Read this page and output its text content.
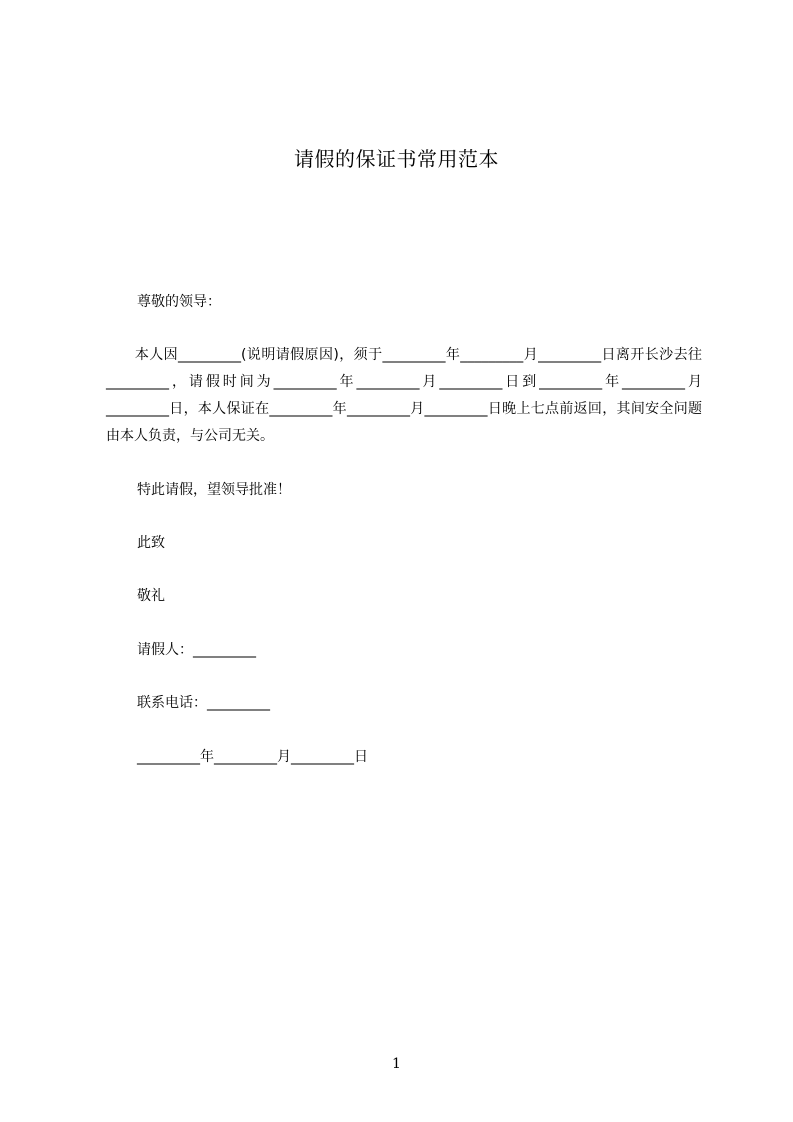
请假的保证书常用范本
尊敬的领导：
　　本人因_________(说明请假原因)，须于_________年_________月_________日离开长沙去往_________，请假时间为_________年_________月_________日到_________年_________月_________日，本人保证在_________年_________月_________日晚上七点前返回，其间安全问题由本人负责，与公司无关。
特此请假，望领导批准！
此致
敬礼
请假人：_________
联系电话：_________
_________年_________月_________日
1
